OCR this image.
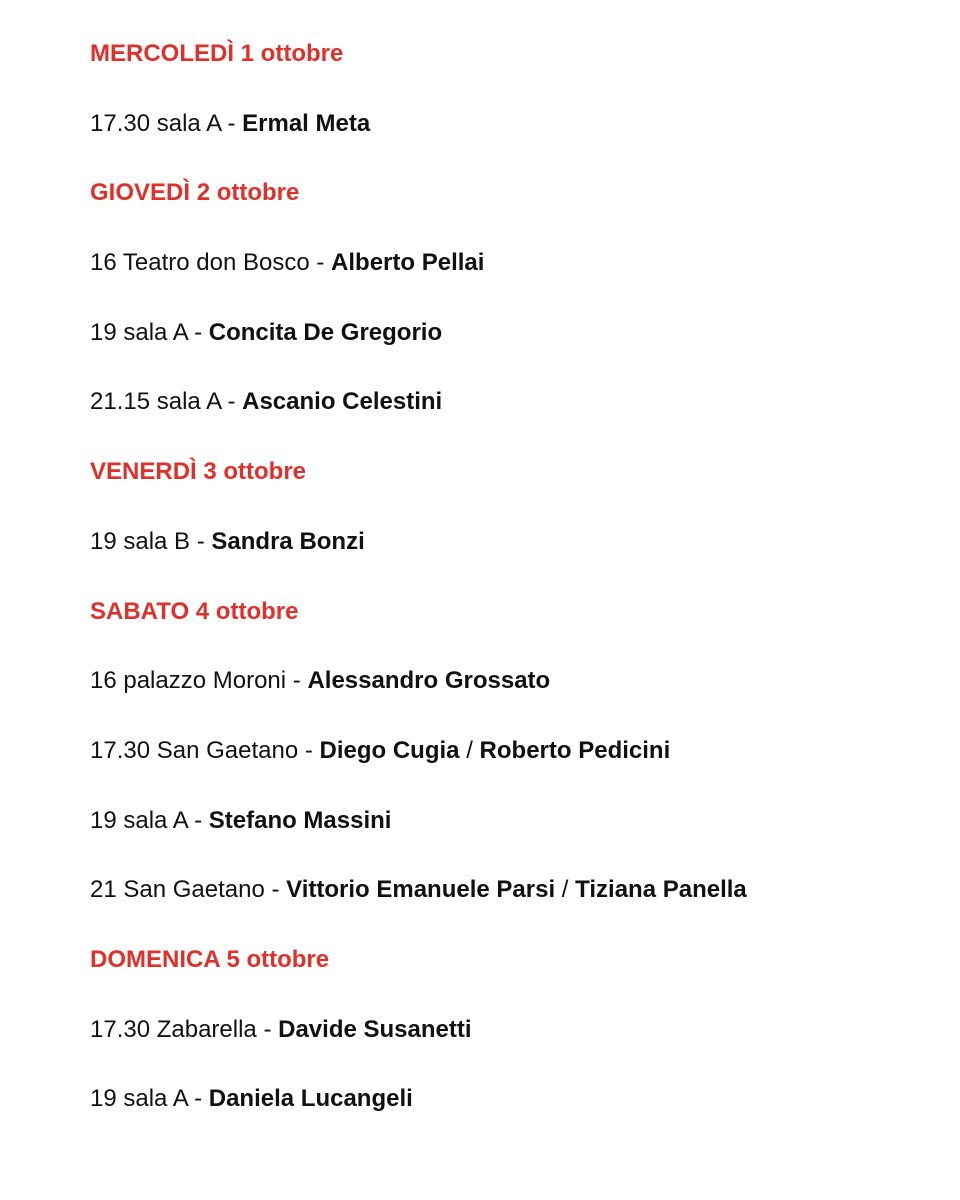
MERCOLEDÌ 1 ottobre
17.30 sala A - Ermal Meta
GIOVEDÌ 2 ottobre
16 Teatro don Bosco - Alberto Pellai
19 sala A - Concita De Gregorio
21.15 sala A - Ascanio Celestini
VENERDÌ 3 ottobre
19 sala B - Sandra Bonzi
SABATO 4 ottobre
16 palazzo Moroni - Alessandro Grossato
17.30 San Gaetano - Diego Cugia / Roberto Pedicini
19 sala A - Stefano Massini
21 San Gaetano - Vittorio Emanuele Parsi / Tiziana Panella
DOMENICA 5 ottobre
17.30 Zabarella - Davide Susanetti
19 sala A - Daniela Lucangeli
